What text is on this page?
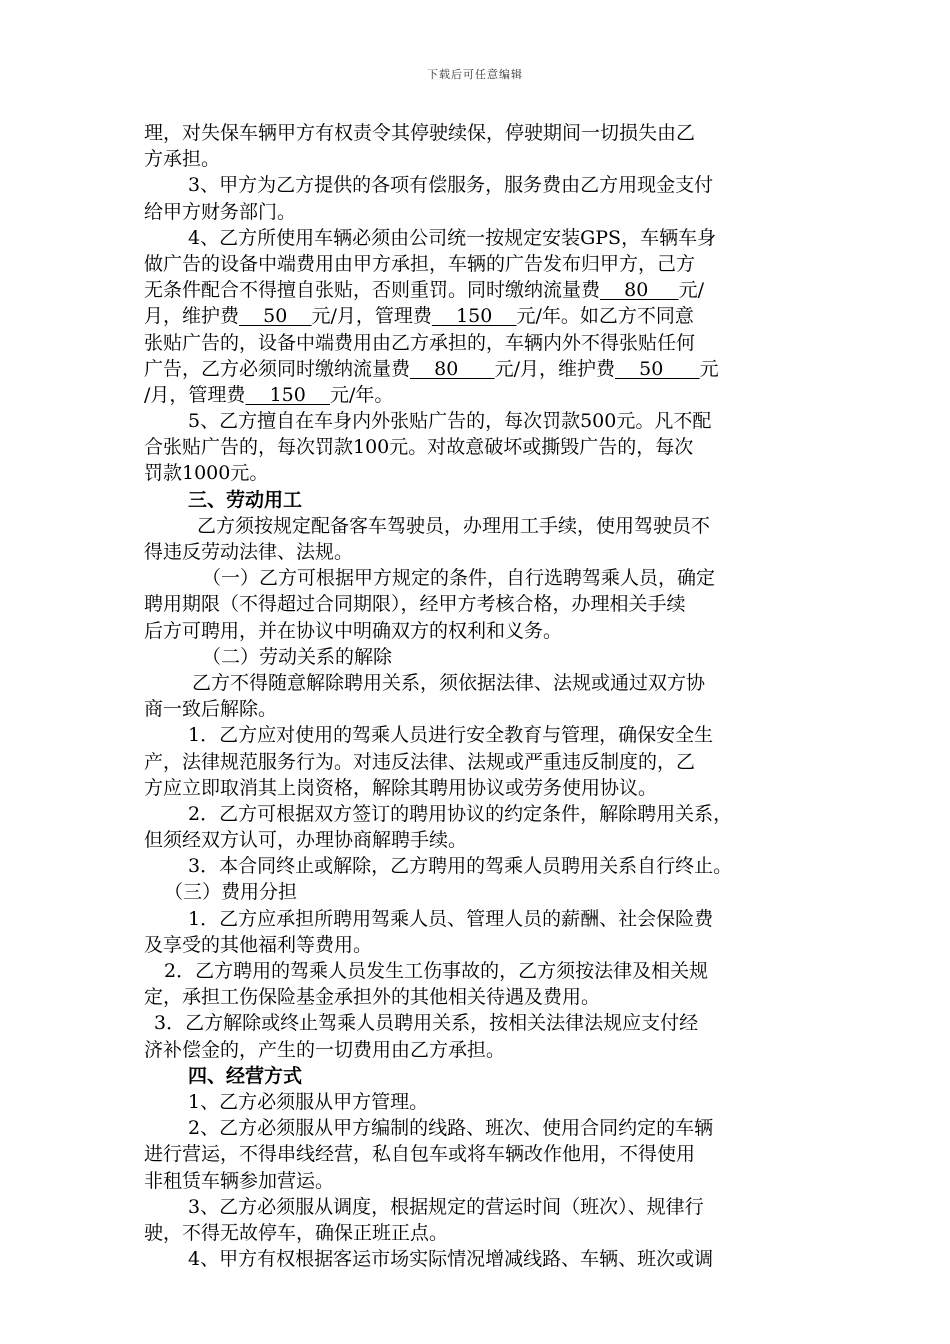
下载后可任意编辑
理，对失保车辆甲方有权责令其停驶续保，停驶期间一切损失由乙
方承担。
3、甲方为乙方提供的各项有偿服务，服务费由乙方用现金支付
给甲方财务部门。
4、乙方所使用车辆必须由公司统一按规定安装GPS，车辆车身
做广告的设备中端费用由甲方承担，车辆的广告发布归甲方，己方
无条件配合不得擅自张贴，否则重罚。同时缴纳流量费    80     元/
月，维护费    50    元/月，管理费    150    元/年。如乙方不同意
张贴广告的，设备中端费用由乙方承担的，车辆内外不得张贴任何
广告，乙方必须同时缴纳流量费    80      元/月，维护费    50      元
/月，管理费    150    元/年。
5、乙方擅自在车身内外张贴广告的，每次罚款500元。凡不配
合张贴广告的，每次罚款100元。对故意破坏或撕毁广告的，每次
罚款1000元。
三、劳动用工
乙方须按规定配备客车驾驶员，办理用工手续，使用驾驶员不
得违反劳动法律、法规。
（一）乙方可根据甲方规定的条件，自行选聘驾乘人员，确定
聘用期限（不得超过合同期限），经甲方考核合格，办理相关手续
后方可聘用，并在协议中明确双方的权利和义务。
（二）劳动关系的解除
乙方不得随意解除聘用关系，须依据法律、法规或通过双方协
商一致后解除。
1．乙方应对使用的驾乘人员进行安全教育与管理，确保安全生
产，法律规范服务行为。对违反法律、法规或严重违反制度的，乙
方应立即取消其上岗资格，解除其聘用协议或劳务使用协议。
2．乙方可根据双方签订的聘用协议的约定条件，解除聘用关系，
但须经双方认可，办理协商解聘手续。
3．本合同终止或解除，乙方聘用的驾乘人员聘用关系自行终止。
（三）费用分担
1．乙方应承担所聘用驾乘人员、管理人员的薪酬、社会保险费
及享受的其他福利等费用。
2．乙方聘用的驾乘人员发生工伤事故的，乙方须按法律及相关规
定，承担工伤保险基金承担外的其他相关待遇及费用。
3．乙方解除或终止驾乘人员聘用关系，按相关法律法规应支付经
济补偿金的，产生的一切费用由乙方承担。
四、经营方式
1、乙方必须服从甲方管理。
2、乙方必须服从甲方编制的线路、班次、使用合同约定的车辆
进行营运，不得串线经营，私自包车或将车辆改作他用，不得使用
非租赁车辆参加营运。
3、乙方必须服从调度，根据规定的营运时间（班次）、规律行
驶，不得无故停车，确保正班正点。
4、甲方有权根据客运市场实际情况增减线路、车辆、班次或调
